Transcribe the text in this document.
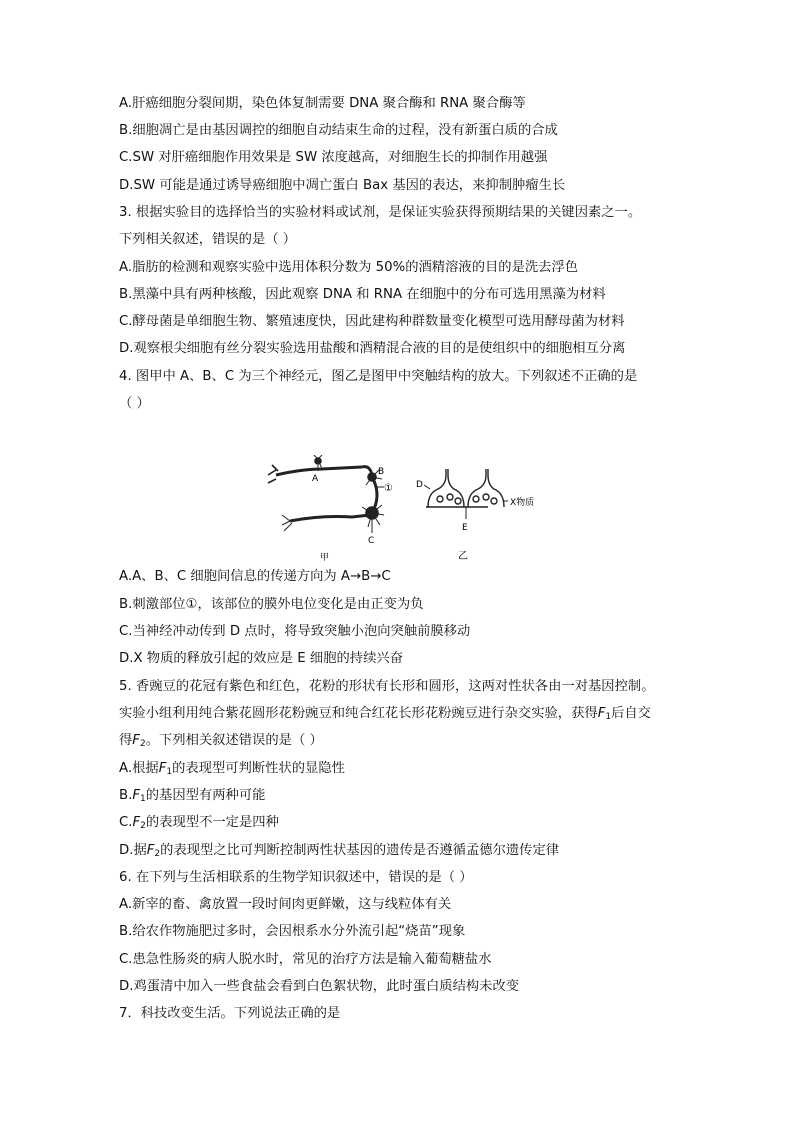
A.肝癌细胞分裂间期，染色体复制需要 DNA 聚合酶和 RNA 聚合酶等
B.细胞凋亡是由基因调控的细胞自动结束生命的过程，没有新蛋白质的合成
C.SW 对肝癌细胞作用效果是 SW 浓度越高，对细胞生长的抑制作用越强
D.SW 可能是通过诱导癌细胞中凋亡蛋白 Bax 基因的表达，来抑制肿瘤生长
3. 根据实验目的选择恰当的实验材料或试剂，是保证实验获得预期结果的关键因素之一。
下列相关叙述，错误的是（ ）
A.脂肪的检测和观察实验中选用体积分数为 50%的酒精溶液的目的是洗去浮色
B.黑藻中具有两种核酸，因此观察 DNA 和 RNA 在细胞中的分布可选用黑藻为材料
C.酵母菌是单细胞生物、繁殖速度快，因此建构种群数量变化模型可选用酵母菌为材料
D.观察根尖细胞有丝分裂实验选用盐酸和酒精混合液的目的是使组织中的细胞相互分离
4. 图甲中 A、B、C 为三个神经元，图乙是图甲中突触结构的放大。下列叙述不正确的是
（ ）
A
B
①
C
甲
D
E
X物质
乙
A.A、B、C 细胞间信息的传递方向为 A→B→C
B.刺激部位①，该部位的膜外电位变化是由正变为负
C.当神经冲动传到 D 点时，将导致突触小泡向突触前膜移动
D.X 物质的释放引起的效应是 E 细胞的持续兴奋
5. 香豌豆的花冠有紫色和红色，花粉的形状有长形和圆形，这两对性状各由一对基因控制。
实验小组利用纯合紫花圆形花粉豌豆和纯合红花长形花粉豌豆进行杂交实验，获得$F_1$后自交
得$F_2$。下列相关叙述错误的是（ ）
A.根据$F_1$的表现型可判断性状的显隐性
$B.F_1$的基因型有两种可能
$C.F_2$的表现型不一定是四种
D.据$F_2$的表现型之比可判断控制两性状基因的遗传是否遵循孟德尔遗传定律
6. 在下列与生活相联系的生物学知识叙述中，错误的是（ ）
A.新宰的畜、禽放置一段时间肉更鲜嫩，这与线粒体有关
B.给农作物施肥过多时，会因根系水分外流引起“烧苗”现象
C.患急性肠炎的病人脱水时，常见的治疗方法是输入葡萄糖盐水
D.鸡蛋清中加入一些食盐会看到白色絮状物，此时蛋白质结构未改变
7．科技改变生活。下列说法正确的是
